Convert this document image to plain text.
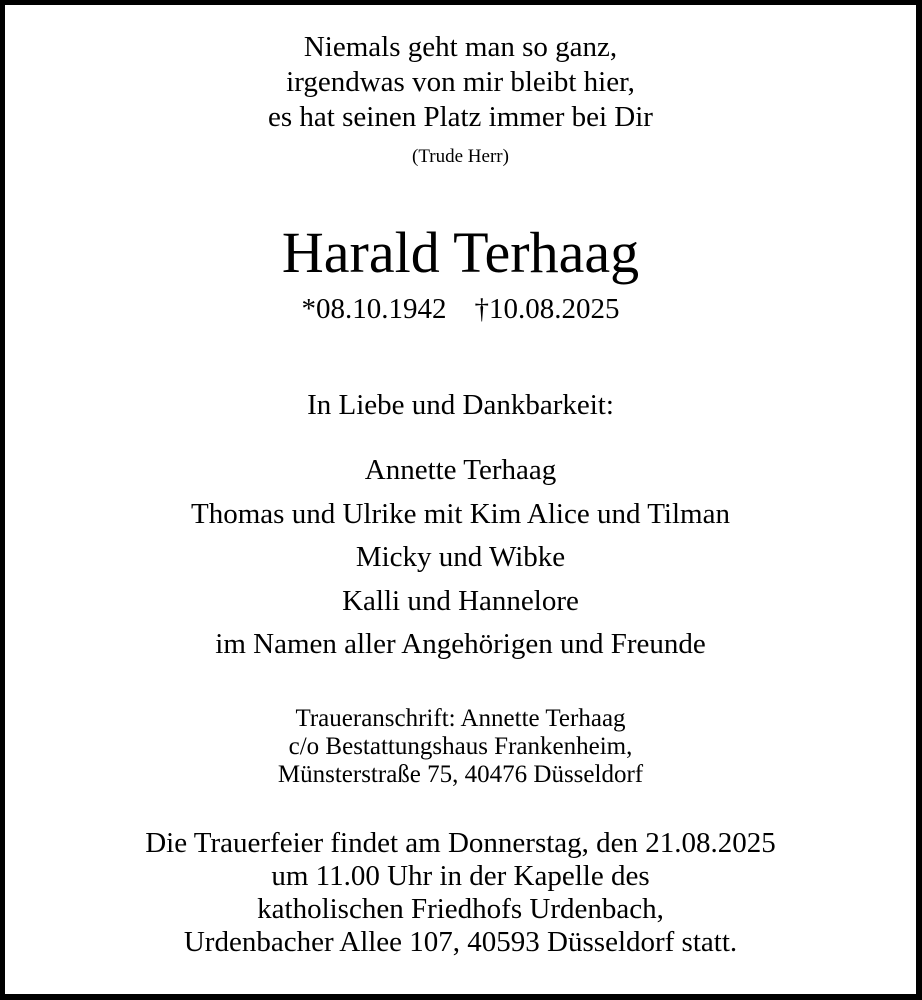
Niemals geht man so ganz,
irgendwas von mir bleibt hier,
es hat seinen Platz immer bei Dir
(Trude Herr)
Harald Terhaag
*08.10.1942 †10.08.2025
In Liebe und Dankbarkeit:
Annette Terhaag
Thomas und Ulrike mit Kim Alice und Tilman
Micky und Wibke
Kalli und Hannelore
im Namen aller Angehörigen und Freunde
Traueranschrift: Annette Terhaag
c/o Bestattungshaus Frankenheim,
Münsterstraße 75, 40476 Düsseldorf
Die Trauerfeier findet am Donnerstag, den 21.08.2025
um 11.00 Uhr in der Kapelle des
katholischen Friedhofs Urdenbach,
Urdenbacher Allee 107, 40593 Düsseldorf statt.
